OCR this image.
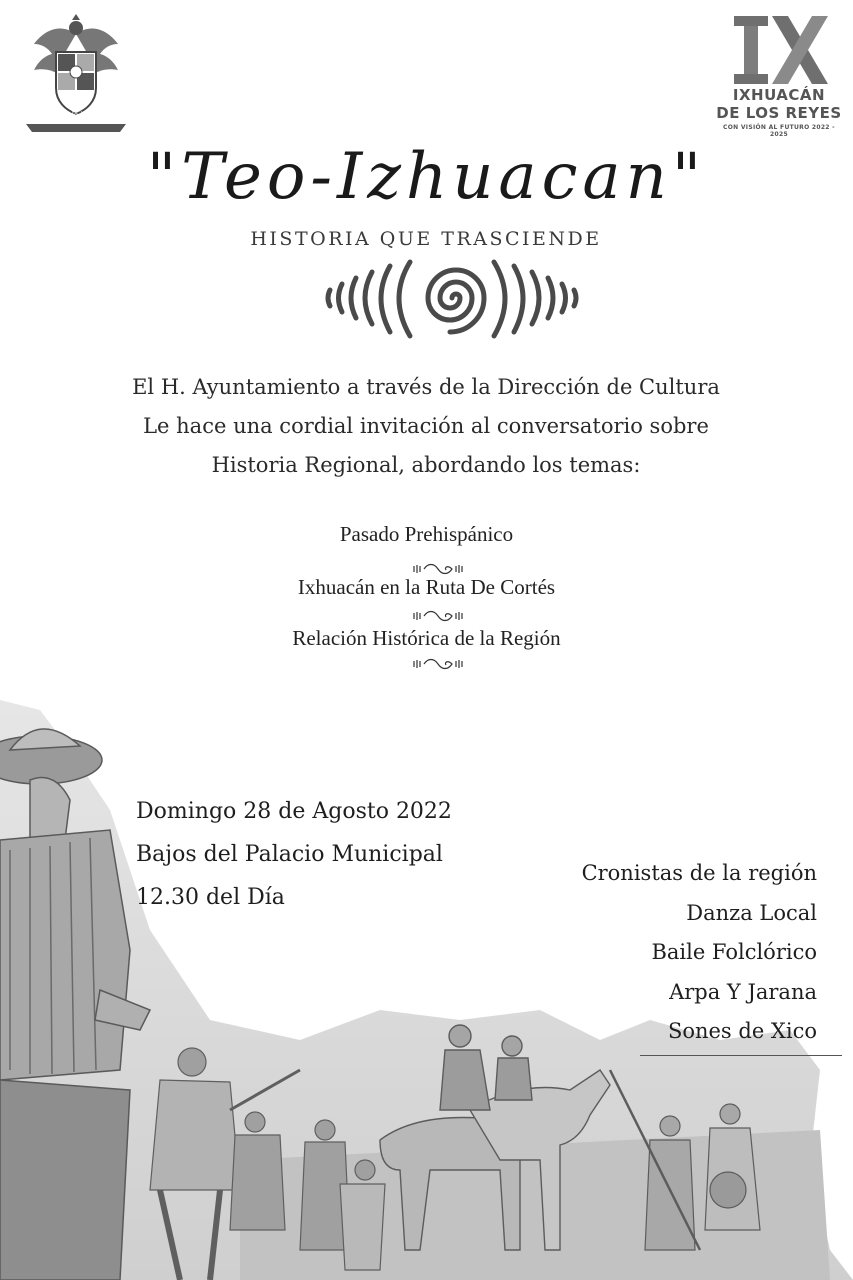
Ixhuacán de los Reyes
IXHUACÁN
DE LOS REYES
CON VISIÓN AL FUTURO 2022 - 2025
"Teo-Izhuacan"
HISTORIA QUE TRASCIENDE
El H. Ayuntamiento a través de la Dirección de Cultura
Le hace una cordial invitación al conversatorio sobre
Historia Regional, abordando los temas:
Pasado Prehispánico
Ixhuacán en la Ruta De Cortés
Relación Histórica de la Región
Domingo 28 de Agosto 2022
Bajos del Palacio Municipal
12.30 del Día
Cronistas de la región
Danza Local
Baile Folclórico
Arpa Y Jarana
Sones de Xico
